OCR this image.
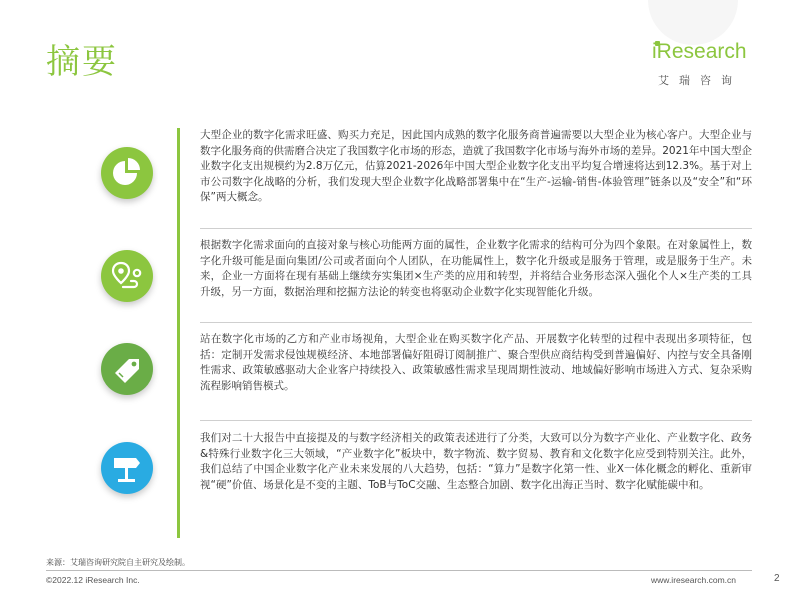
摘要	iResearch
艾瑞咨询
大型企业的数字化需求旺盛、购买力充足，因此国内成熟的数字化服务商普遍需要以大型企业为核心客户。大型企业与数字化服务商的供需磨合决定了我国数字化市场的形态，造就了我国数字化市场与海外市场的差异。2021年中国大型企业数字化支出规模约为2.8万亿元，估算2021-2026年中国大型企业数字化支出平均复合增速将达到12.3%。基于对上市公司数字化战略的分析，我们发现大型企业数字化战略部署集中在“生产-运输-销售-体验管理”链条以及“安全”和“环保”两大概念。
根据数字化需求面向的直接对象与核心功能两方面的属性，企业数字化需求的结构可分为四个象限。在对象属性上，数字化升级可能是面向集团/公司或者面向个人团队，在功能属性上，数字化升级或是服务于管理，或是服务于生产。未来，企业一方面将在现有基础上继续夯实集团×生产类的应用和转型，并将结合业务形态深入强化个人×生产类的工具升级，另一方面，数据治理和挖掘方法论的转变也将驱动企业数字化实现智能化升级。
站在数字化市场的乙方和产业市场视角，大型企业在购买数字化产品、开展数字化转型的过程中表现出多项特征，包括：定制开发需求侵蚀规模经济、本地部署偏好阻碍订阅制推广、聚合型供应商结构受到普遍偏好、内控与安全具备刚性需求、政策敏感驱动大企业客户持续投入、政策敏感性需求呈现周期性波动、地域偏好影响市场进入方式、复杂采购流程影响销售模式。
我们对二十大报告中直接提及的与数字经济相关的政策表述进行了分类，大致可以分为数字产业化、产业数字化、政务&特殊行业数字化三大领域，“产业数字化”板块中，数字物流、数字贸易、教育和文化数字化应受到特别关注。此外，我们总结了中国企业数字化产业未来发展的八大趋势，包括：“算力”是数字化第一性、业X一体化概念的孵化、重新审视“硬”价值、场景化是不变的主题、ToB与ToC交融、生态整合加剧、数字化出海正当时、数字化赋能碳中和。
来源：艾瑞咨询研究院自主研究及绘制。
©2022.12 iResearch Inc.	www.iresearch.com.cn	2
